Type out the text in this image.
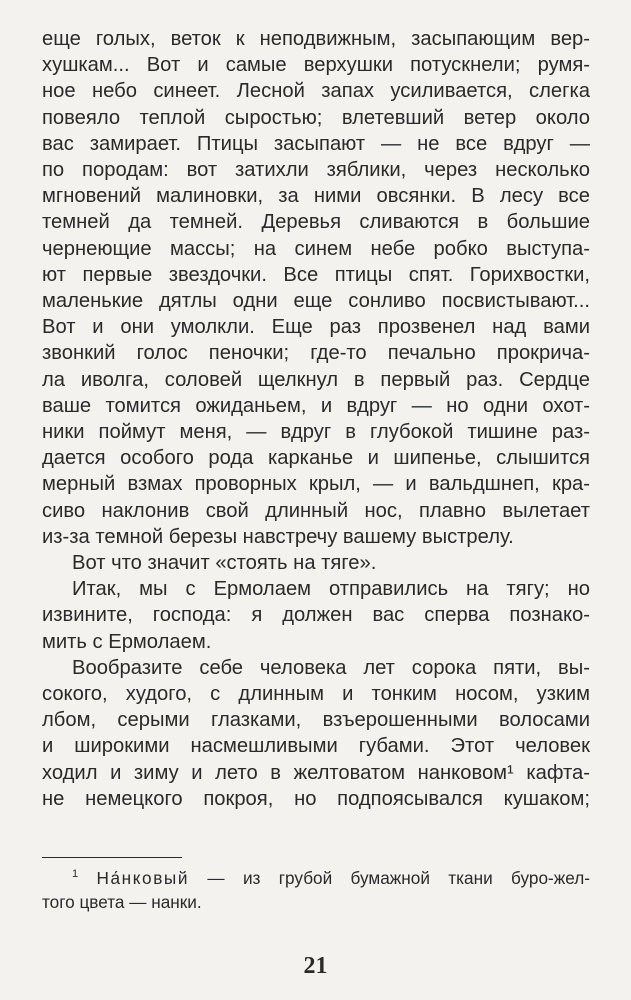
еще голых, веток к неподвижным, засыпающим вер-
хушкам... Вот и самые верхушки потускнели; румя-
ное небо синеет. Лесной запах усиливается, слегка
повеяло теплой сыростью; влетевший ветер около
вас замирает. Птицы засыпают — не все вдруг —
по породам: вот затихли зяблики, через несколько
мгновений малиновки, за ними овсянки. В лесу все
темней да темней. Деревья сливаются в большие
чернеющие массы; на синем небе робко выступа-
ют первые звездочки. Все птицы спят. Горихвостки,
маленькие дятлы одни еще сонливо посвистывают...
Вот и они умолкли. Еще раз прозвенел над вами
звонкий голос пеночки; где-то печально прокрича-
ла иволга, соловей щелкнул в первый раз. Сердце
ваше томится ожиданьем, и вдруг — но одни охот-
ники поймут меня, — вдруг в глубокой тишине раз-
дается особого рода карканье и шипенье, слышится
мерный взмах проворных крыл, — и вальдшнеп, кра-
сиво наклонив свой длинный нос, плавно вылетает
из-за темной березы навстречу вашему выстрелу.
Вот что значит «стоять на тяге».
Итак, мы с Ермолаем отправились на тягу; но
извините, господа: я должен вас сперва познако-
мить с Ермолаем.
Вообразите себе человека лет сорока пяти, вы-
сокого, худого, с длинным и тонким носом, узким
лбом, серыми глазками, взъерошенными волосами
и широкими насмешливыми губами. Этот человек
ходил и зиму и лето в желтоватом нанковом¹ кафта-
не немецкого покроя, но подпоясывался кушаком;
$^1$ На́нковый — из грубой бумажной ткани буро-жел-
того цвета — нанки.
21
